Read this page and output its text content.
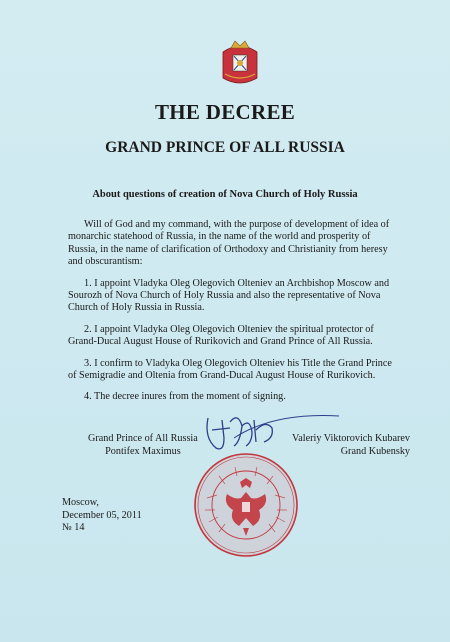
THE DECREE
GRAND PRINCE OF ALL RUSSIA

About questions of creation of Nova Church of Holy Russia

Will of God and my command, with the purpose of development of idea of monarchic statehood of Russia, in the name of the world and prosperity of Russia, in the name of clarification of Orthodoxy and Christianity from heresy and obscurantism:

1. I appoint Vladyka Oleg Olegovich Olteniev an Archbishop Moscow and Sourozh of Nova Church of Holy Russia and also the representative of Nova Church of Holy Russia in Russia.

2. I appoint Vladyka Oleg Olegovich Olteniev the spiritual protector of Grand-Ducal August House of Rurikovich and Grand Prince of All Russia.

3. I confirm to Vladyka Oleg Olegovich Olteniev his Title the Grand Prince of Semigradie and Oltenia from Grand-Ducal August House of Rurikovich.

4. The decree inures from the moment of signing.

Grand Prince of All Russia
Pontifex Maximus
Valeriy Viktorovich Kubarev
Grand Kubensky
Moscow,
December 05, 2011
№ 14
